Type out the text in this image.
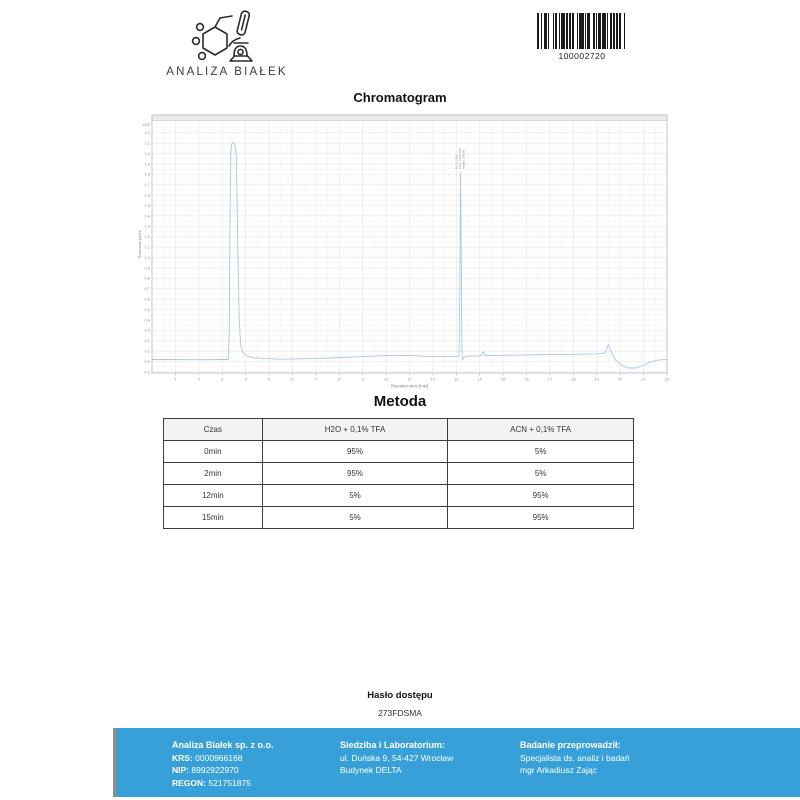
ANALIZA BIAŁEK
100002720
Chromatogram
2.2
2.1
2.0
1.9
1.8
1.7
1.6
1.5
1.4
1.3
1.2
1.1
1.0
0.9
0.8
0.7
0.6
0.5
0.4
0.3
0.2
0.1
0.0
-0.1
$x10^5$
1	2	3	4	5	6	7	8	9	10	11	12	13	14	15	16	17	18	19	20	21	22
Retention time [min]
Response [mAU]
RT: 13.283 Area: 1945.148 Height: 188.00
Metoda
Czas	H2O + 0,1% TFA	ACN + 0,1% TFA
0min	95%	5%
2min	95%	5%
12min	5%	95%
15min	5%	95%
Hasło dostępu
273FDSMA
Analiza Białek sp. z o.o.
KRS: 0000966168
NIP: 8992922970
REGON: 521751875
Siedziba i Laboratorium:
ul. Duńska 9, 54-427 Wrocław
Budynek DELTA
Badanie przeprowadził:
Specjalista ds. analiz i badań
mgr Arkadiusz Zając
